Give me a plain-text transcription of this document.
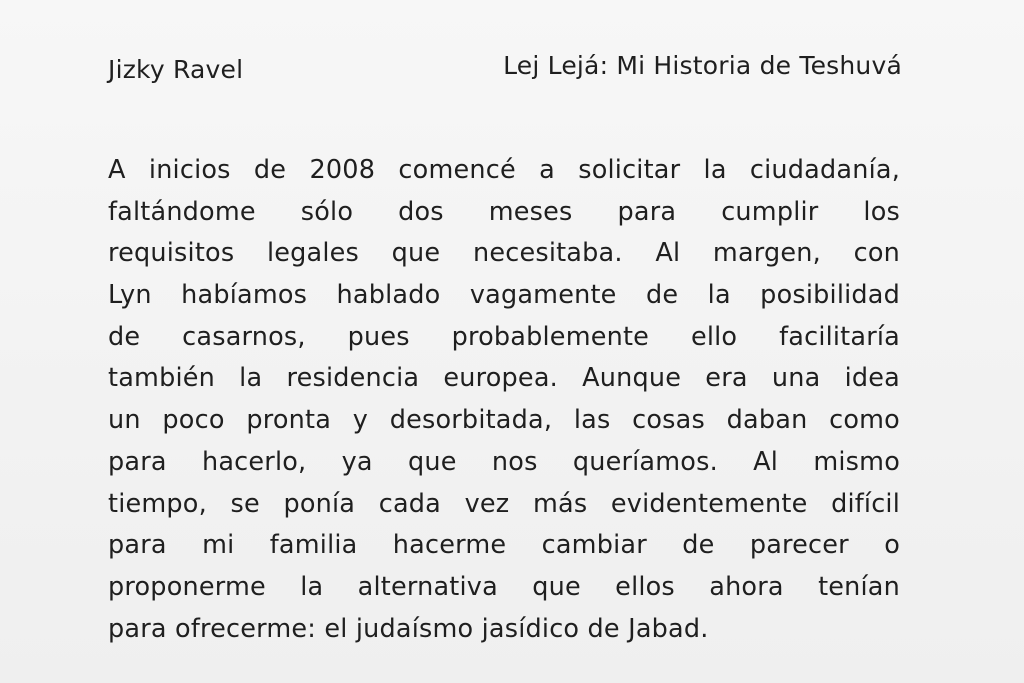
Jizky Ravel	Lej Lejá: Mi Historia de Teshuvá
A inicios de 2008 comencé a solicitar la ciudadanía,
faltándome sólo dos meses para cumplir los
requisitos legales que necesitaba. Al margen, con
Lyn habíamos hablado vagamente de la posibilidad
de casarnos, pues probablemente ello facilitaría
también la residencia europea. Aunque era una idea
un poco pronta y desorbitada, las cosas daban como
para hacerlo, ya que nos queríamos. Al mismo
tiempo, se ponía cada vez más evidentemente difícil
para mi familia hacerme cambiar de parecer o
proponerme la alternativa que ellos ahora tenían
para ofrecerme: el judaísmo jasídico de Jabad.
